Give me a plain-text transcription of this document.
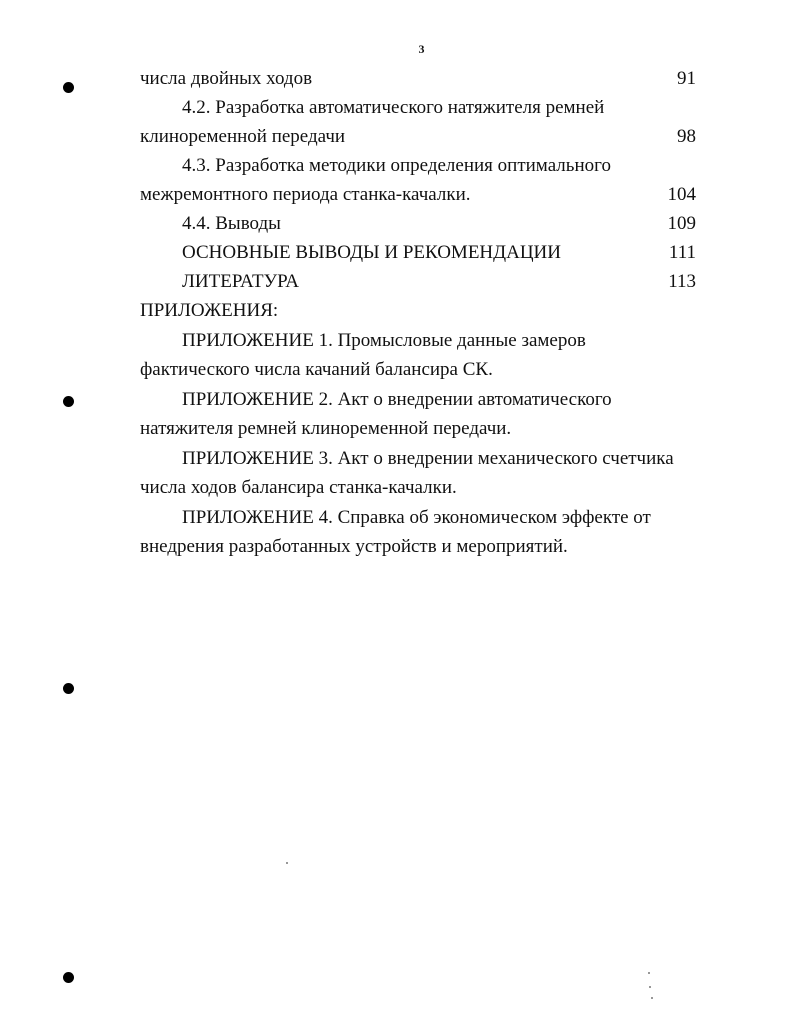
3
числа двойных ходов	91
4.2. Разработка автоматического натяжителя ремней
клиноременной передачи	98
4.3. Разработка методики определения оптимального
межремонтного периода станка-качалки.	104
4.4. Выводы	109
ОСНОВНЫЕ ВЫВОДЫ И РЕКОМЕНДАЦИИ	111
ЛИТЕРАТУРА	113
ПРИЛОЖЕНИЯ:
ПРИЛОЖЕНИЕ 1. Промысловые данные замеров
фактического числа качаний балансира СК.
ПРИЛОЖЕНИЕ 2. Акт о внедрении автоматического
натяжителя ремней клиноременной передачи.
ПРИЛОЖЕНИЕ 3. Акт о внедрении механического счетчика
числа ходов балансира станка-качалки.
ПРИЛОЖЕНИЕ 4. Справка об экономическом эффекте от
внедрения разработанных устройств и мероприятий.
